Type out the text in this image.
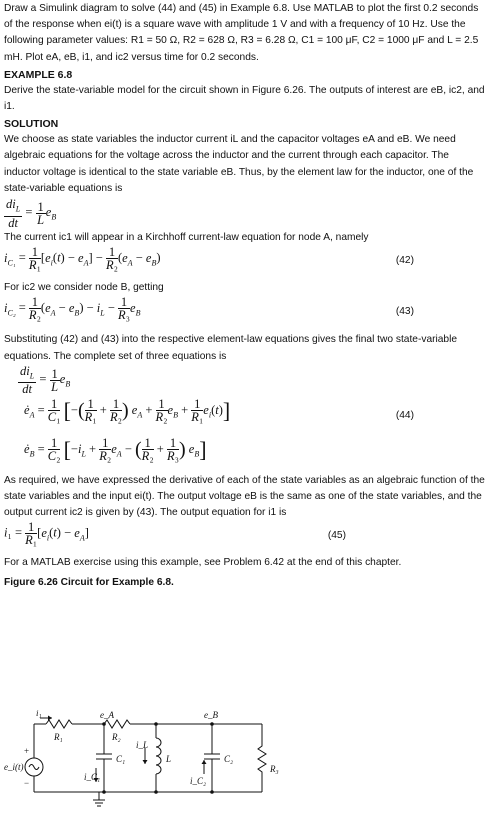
Draw a Simulink diagram to solve (44) and (45) in Example 6.8. Use MATLAB to plot the first 0.2 seconds of the response when ei(t) is a square wave with amplitude 1 V and with a frequency of 10 Hz. Use the following parameter values: R1 = 50 Ω, R2 = 628 Ω, R3 = 6.28 Ω, C1 = 100 μF, C2 = 1000 μF and L = 2.5 mH. Plot eA, eB, i1, and ic2 versus time for 0.2 seconds.

EXAMPLE 6.8

Derive the state-variable model for the circuit shown in Figure 6.26. The outputs of interest are eB, ic2, and i1.

SOLUTION

We choose as state variables the inductor current iL and the capacitor voltages eA and eB. We need algebraic equations for the voltage across the inductor and the current through each capacitor. The inductor voltage is identical to the state variable eB. Thus, by the element law for the inductor, one of the state-variable equations is

$\frac{di_L}{dt} = \frac{1}{L} e_B$

The current ic1 will appear in a Kirchhoff current-law equation for node A, namely

$i_{C_1} = \frac{1}{\text{R₁}} [e_i(t) - e_A] - \frac{1}{\text{R₂}} (e_A - e_B)$	(42)

For ic2 we consider node B, getting

$i_{C_2} = \frac{1}{\text{R₂}} (e_A - e_B) - i_L - \frac{1}{\text{R₃}} e_B$	(43)

Substituting (42) and (43) into the respective element-law equations gives the final two state-variable equations. The complete set of three equations is

$\frac{di_L}{dt} = \frac{1}{L} e_B$
$ė_A = \frac{1}{\text{C₁}}$ [−( $\frac{1}{\text{R₁}} + \frac{1}{\text{R₂}}$ ) $e_A + \frac{1}{\text{R₂}} e_B + \frac{1}{\text{R₁}} e_i(t)$]	(44)
$ė_B = \frac{1}{\text{C₂}} [-i_L + \frac{1}{\text{R₂}} e_A$ − ( $\frac{1}{\text{R₂}} + \frac{1}{\text{R₃}}$ ) $e_B$]

As required, we have expressed the derivative of each of the state variables as an algebraic function of the state variables and the input ei(t). The output voltage eB is the same as one of the state variables, and the output current ic2 is given by (43). The output equation for i1 is

$i_1 = \frac{1}{\text{R₁}} [e_i(t) - e_A]$	(45)

For a MATLAB exercise using this example, see Problem 6.42 at the end of this chapter.

Figure 6.26 Circuit for Example 6.8.

i₁	e_A	e_B
R₁	R₂
R₃
C₁	C₂
L
i_L
e_i(t)
i_C₁	i_C₂
+
−
